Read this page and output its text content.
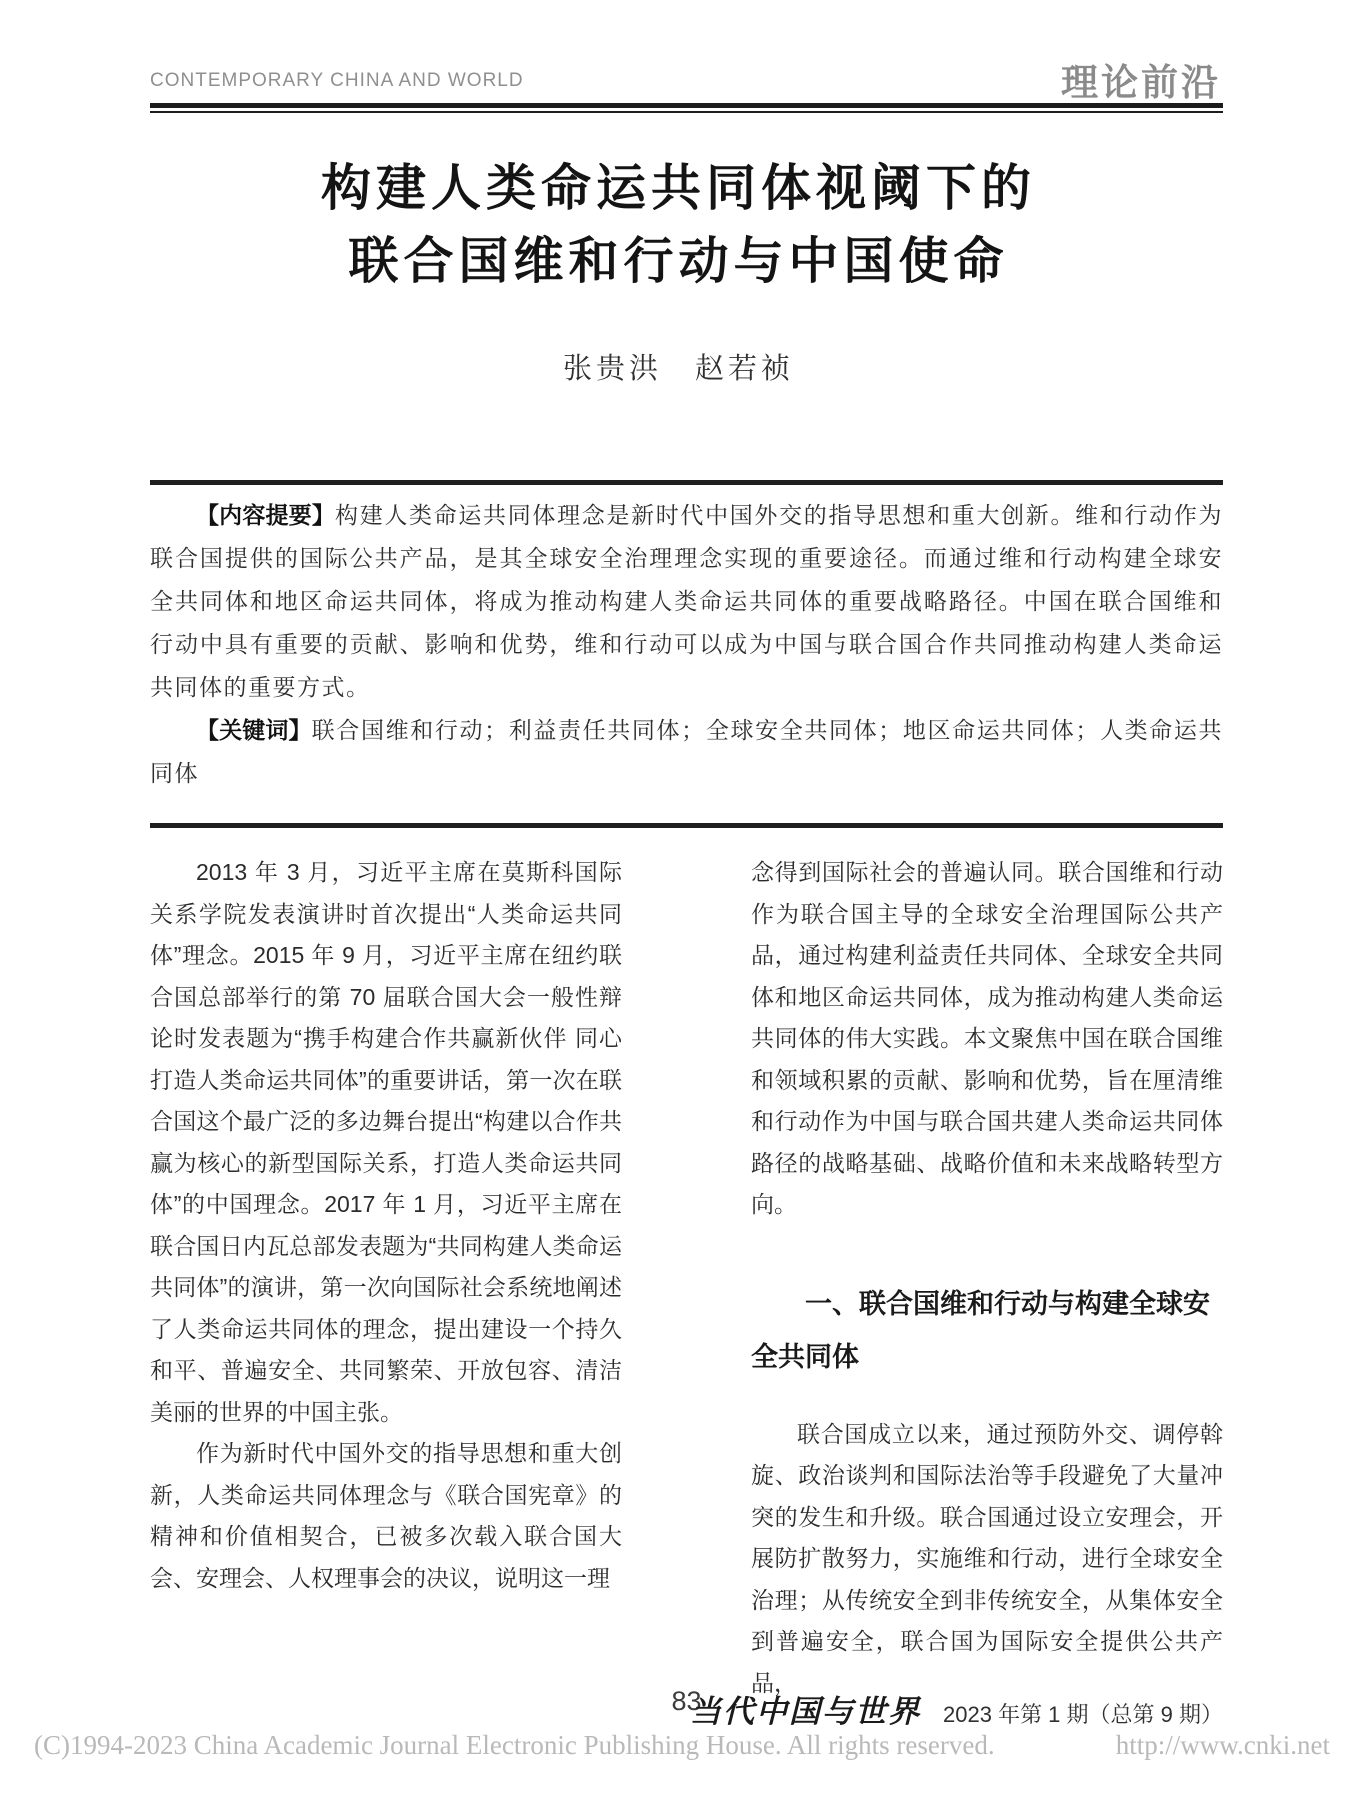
CONTEMPORARY CHINA AND WORLD	理论前沿
构建人类命运共同体视阈下的
联合国维和行动与中国使命
张贵洪　赵若祯

【内容提要】构建人类命运共同体理念是新时代中国外交的指导思想和重大创新。维和行动作为联合国提供的国际公共产品，是其全球安全治理理念实现的重要途径。而通过维和行动构建全球安全共同体和地区命运共同体，将成为推动构建人类命运共同体的重要战略路径。中国在联合国维和行动中具有重要的贡献、影响和优势，维和行动可以成为中国与联合国合作共同推动构建人类命运共同体的重要方式。

【关键词】联合国维和行动；利益责任共同体；全球安全共同体；地区命运共同体；人类命运共同体

2013 年 3 月，习近平主席在莫斯科国际关系学院发表演讲时首次提出“人类命运共同体”理念。2015 年 9 月，习近平主席在纽约联合国总部举行的第 70 届联合国大会一般性辩论时发表题为“携手构建合作共赢新伙伴 同心打造人类命运共同体”的重要讲话，第一次在联合国这个最广泛的多边舞台提出“构建以合作共赢为核心的新型国际关系，打造人类命运共同体”的中国理念。2017 年 1 月，习近平主席在联合国日内瓦总部发表题为“共同构建人类命运共同体”的演讲，第一次向国际社会系统地阐述了人类命运共同体的理念，提出建设一个持久和平、普遍安全、共同繁荣、开放包容、清洁美丽的世界的中国主张。

作为新时代中国外交的指导思想和重大创新，人类命运共同体理念与《联合国宪章》的精神和价值相契合，已被多次载入联合国大会、安理会、人权理事会的决议，说明这一理

念得到国际社会的普遍认同。联合国维和行动作为联合国主导的全球安全治理国际公共产品，通过构建利益责任共同体、全球安全共同体和地区命运共同体，成为推动构建人类命运共同体的伟大实践。本文聚焦中国在联合国维和领域积累的贡献、影响和优势，旨在厘清维和行动作为中国与联合国共建人类命运共同体路径的战略基础、战略价值和未来战略转型方向。

一、联合国维和行动与构建全球安全共同体

联合国成立以来，通过预防外交、调停斡旋、政治谈判和国际法治等手段避免了大量冲突的发生和升级。联合国通过设立安理会，开展防扩散努力，实施维和行动，进行全球安全治理；从传统安全到非传统安全，从集体安全到普遍安全，联合国为国际安全提供公共产品，

83
当代中国与世界 2023 年第 1 期（总第 9 期）
(C)1994-2023 China Academic Journal Electronic Publishing House. All rights reserved.	http://www.cnki.net
